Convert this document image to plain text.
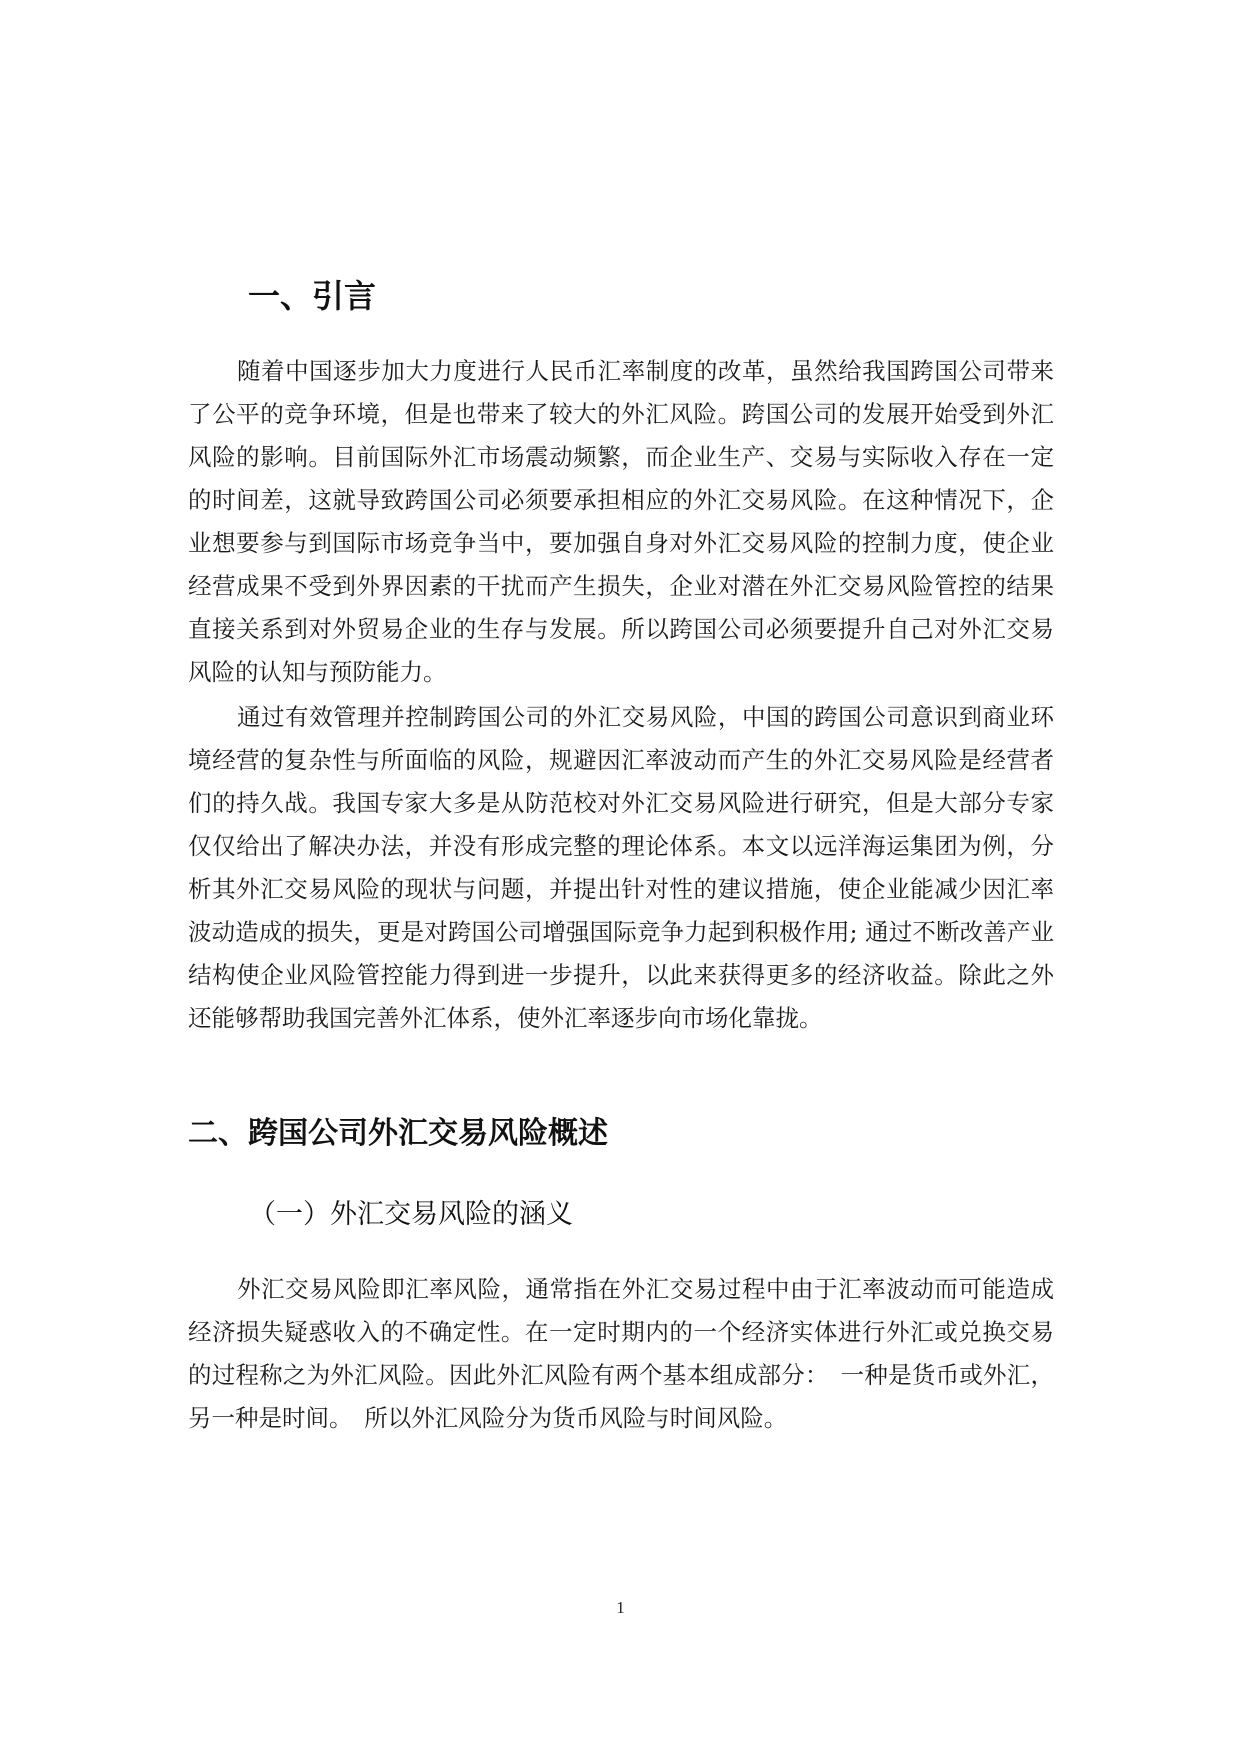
一、引言

随着中国逐步加大力度进行人民币汇率制度的改革，虽然给我国跨国公司带来了公平的竞争环境，但是也带来了较大的外汇风险。跨国公司的发展开始受到外汇风险的影响。目前国际外汇市场震动频繁，而企业生产、交易与实际收入存在一定的时间差，这就导致跨国公司必须要承担相应的外汇交易风险。在这种情况下，企业想要参与到国际市场竞争当中，要加强自身对外汇交易风险的控制力度，使企业经营成果不受到外界因素的干扰而产生损失，企业对潜在外汇交易风险管控的结果直接关系到对外贸易企业的生存与发展。所以跨国公司必须要提升自己对外汇交易风险的认知与预防能力。

通过有效管理并控制跨国公司的外汇交易风险，中国的跨国公司意识到商业环境经营的复杂性与所面临的风险，规避因汇率波动而产生的外汇交易风险是经营者们的持久战。我国专家大多是从防范校对外汇交易风险进行研究，但是大部分专家仅仅给出了解决办法，并没有形成完整的理论体系。本文以远洋海运集团为例，分析其外汇交易风险的现状与问题，并提出针对性的建议措施，使企业能减少因汇率波动造成的损失，更是对跨国公司增强国际竞争力起到积极作用; 通过不断改善产业结构使企业风险管控能力得到进一步提升，以此来获得更多的经济收益。除此之外还能够帮助我国完善外汇体系，使外汇率逐步向市场化靠拢。

二、跨国公司外汇交易风险概述
（一）外汇交易风险的涵义

外汇交易风险即汇率风险，通常指在外汇交易过程中由于汇率波动而可能造成经济损失疑惑收入的不确定性。在一定时期内的一个经济实体进行外汇或兑换交易的过程称之为外汇风险。因此外汇风险有两个基本组成部分：　一种是货币或外汇，另一种是时间。　所以外汇风险分为货币风险与时间风险。

1
